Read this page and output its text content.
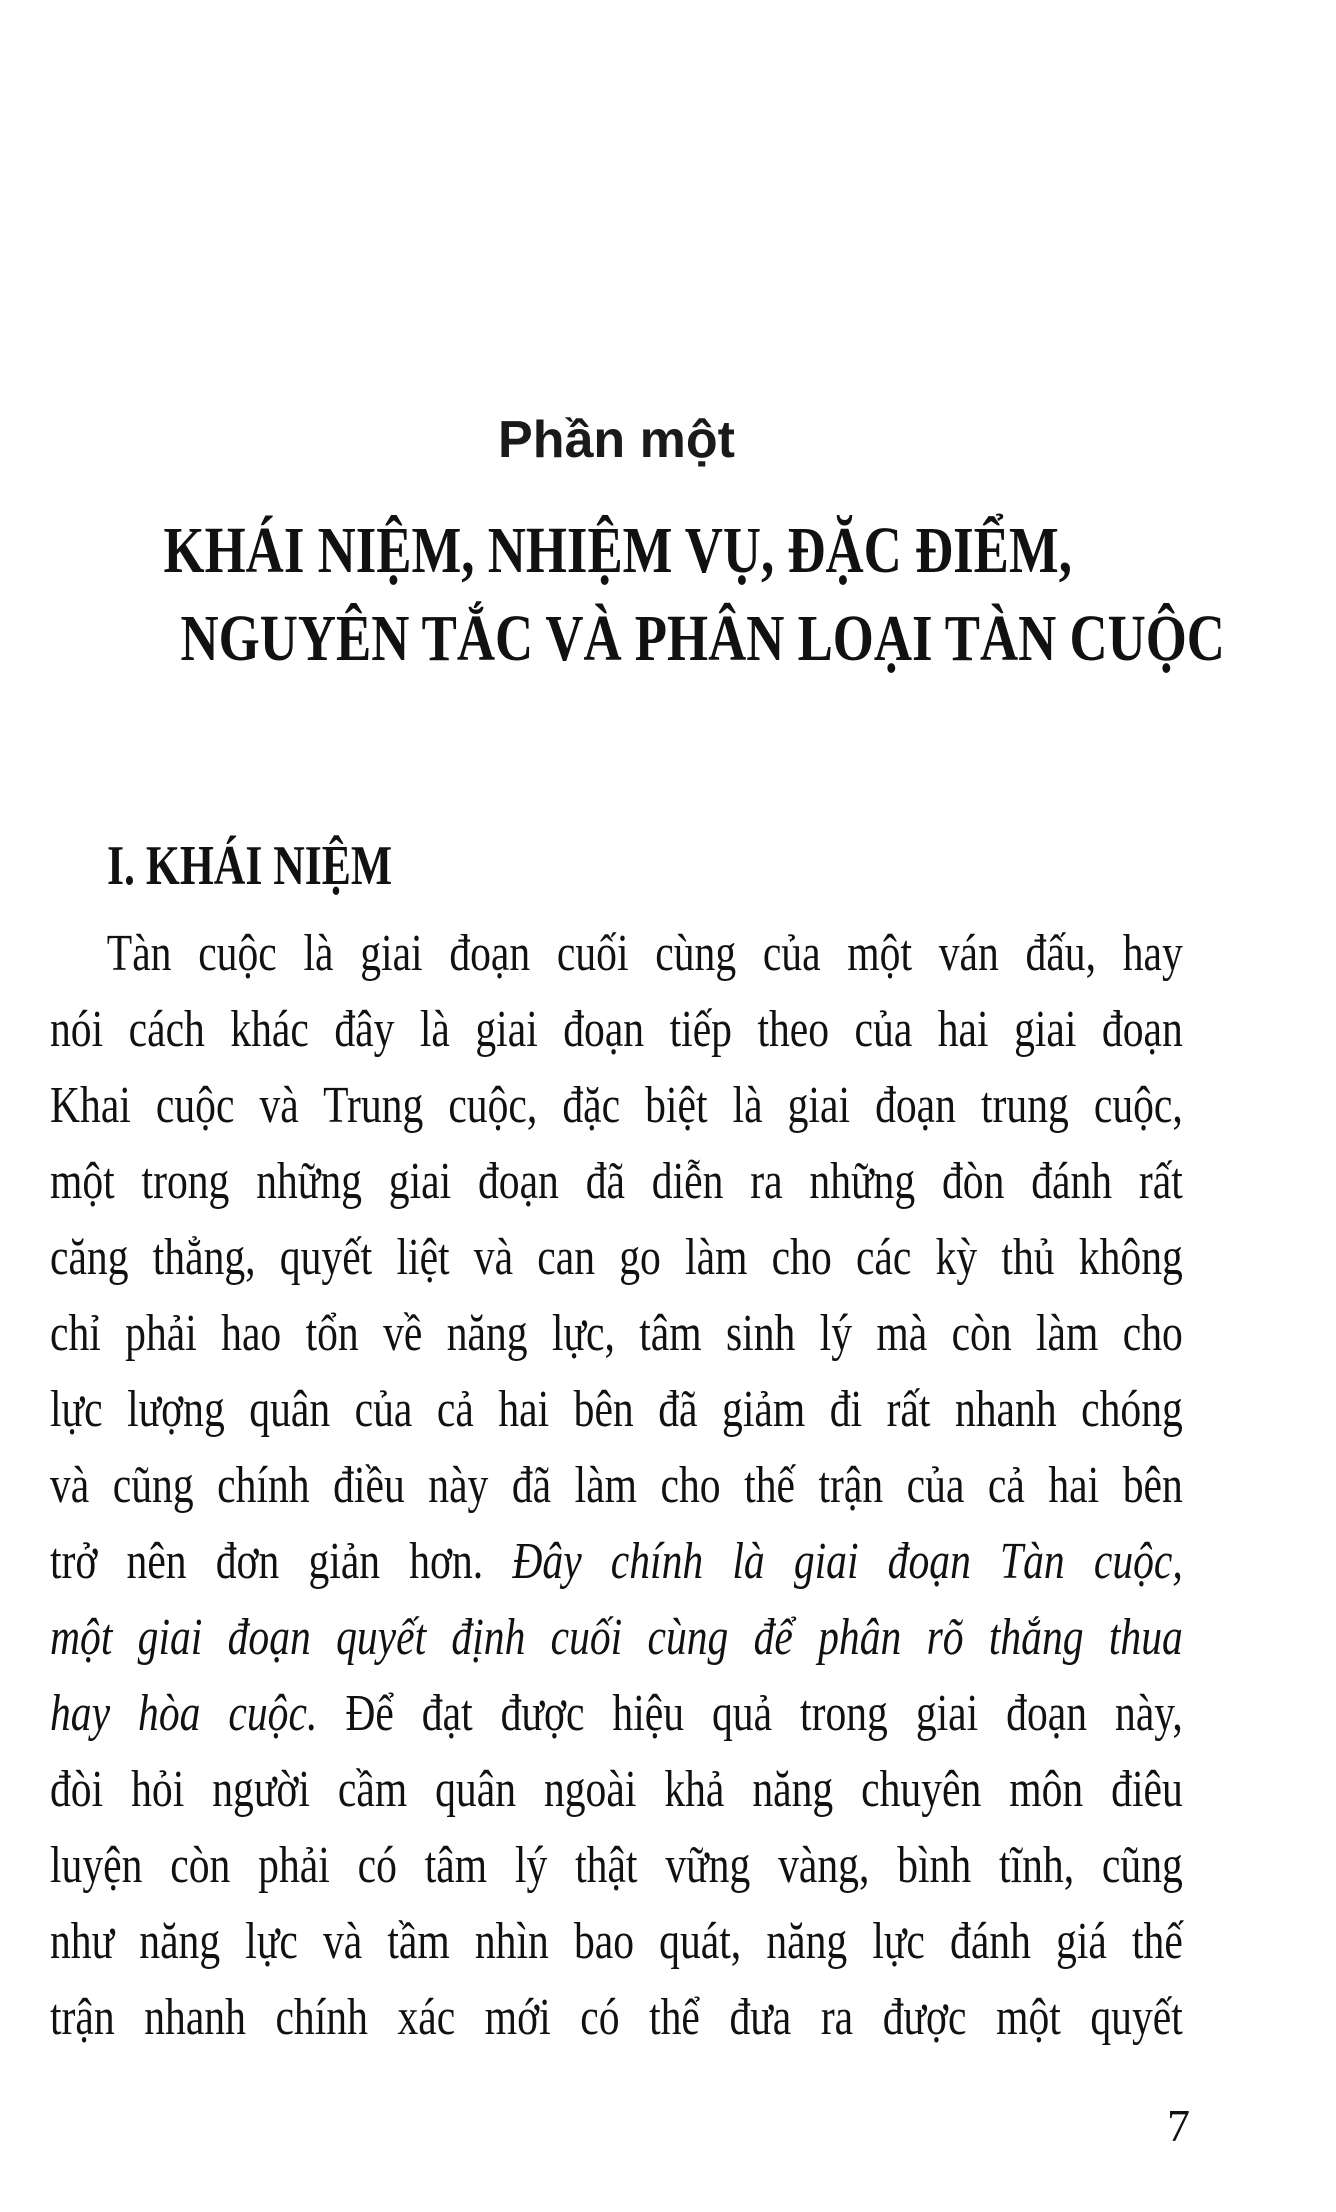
Phần một
KHÁI NIỆM, NHIỆM VỤ, ĐẶC ĐIỂM,
NGUYÊN TẮC VÀ PHÂN LOẠI TÀN CUỘC
I. KHÁI NIỆM
Tàn cuộc là giai đoạn cuối cùng của một ván đấu, hay
nói cách khác đây là giai đoạn tiếp theo của hai giai đoạn
Khai cuộc và Trung cuộc, đặc biệt là giai đoạn trung cuộc,
một trong những giai đoạn đã diễn ra những đòn đánh rất
căng thẳng, quyết liệt và can go làm cho các kỳ thủ không
chỉ phải hao tổn về năng lực, tâm sinh lý mà còn làm cho
lực lượng quân của cả hai bên đã giảm đi rất nhanh chóng
và cũng chính điều này đã làm cho thế trận của cả hai bên
trở nên đơn giản hơn. Đây chính là giai đoạn Tàn cuộc,
một giai đoạn quyết định cuối cùng để phân rõ thắng thua
hay hòa cuộc. Để đạt được hiệu quả trong giai đoạn này,
đòi hỏi người cầm quân ngoài khả năng chuyên môn điêu
luyện còn phải có tâm lý thật vững vàng, bình tĩnh, cũng
như năng lực và tầm nhìn bao quát, năng lực đánh giá thế
trận nhanh chính xác mới có thể đưa ra được một quyết
7
